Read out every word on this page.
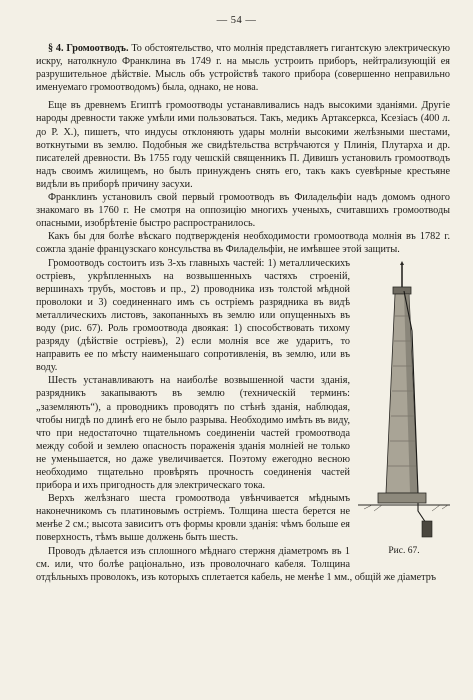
— 54 —

§ 4. Громоотводъ. То обстоятельство, что молнія представляетъ гигантскую электрическую искру, натолкнуло Франклина въ 1749 г. на мысль устроить приборъ, нейтрализующій ея разрушительное дѣйствіе. Мысль объ устройствѣ такого прибора (совершенно неправильно именуемаго громоотводомъ) была, однако, не нова.

Еще въ древнемъ Египтѣ громоотводы устанавливались надъ высокими зданіями. Другіе народы древности также умѣли ими пользоваться. Такъ, медикъ Артаксеркса, Ксезіасъ (400 л. до Р. Х.), пишетъ, что индусы отклоняють удары молніи высокими желѣзными шестами, воткнутыми въ землю. Подобныя же свидѣтельства встрѣчаются у Плинія, Плутарха и др. писателей древности. Въ 1755 году чешскій священникъ П. Дивишъ установилъ громоотводъ надъ своимъ жилищемъ, но былъ принужденъ снять его, такъ какъ суевѣрные крестьяне видѣли въ приборѣ причину засухи.

Франклинъ установилъ свой первый громоотводъ въ Филадельфіи надъ домомъ одного знакомаго въ 1760 г. Не смотря на оппозицію многихъ ученыхъ, считавшихъ громоотводы опасными, изобрѣтеніе быстро распространилось.

Какъ бы для болѣе вѣскаго подтвержденія необходимости громоотвода молнія въ 1782 г. сожгла зданіе французскаго консульства въ Филадельфіи, не имѣвшее этой защиты.

Рис. 67.

Громоотводъ состоитъ изъ 3-хъ главныхъ частей: 1) металлическихъ остріевъ, укрѣпленныхъ на возвышенныхъ частяхъ строеній, вершинахъ трубъ, мостовъ и пр., 2) проводника изъ толстой мѣдной проволоки и 3) соединеннаго имъ съ остріемъ разрядника въ видѣ металлическихъ листовъ, закопанныхъ въ землю или опущенныхъ въ воду (рис. 67). Роль громоотвода двоякая: 1) способствовать тихому разряду (дѣйствіе остріевъ), 2) если молнія все же ударитъ, то направить ее по мѣсту наименьшаго сопротивленія, въ землю, или въ воду.

Шесть устанавливаютъ на наиболѣе возвышенной части зданія, разрядникъ закапываютъ въ землю (техническій терминъ: „заземляють“), а проводникъ проводятъ по стѣнѣ зданія, наблюдая, чтобы нигдѣ по длинѣ его не было разрыва. Необходимо имѣть въ виду, что при недостаточно тщательномъ соединеніи частей громоотвода между собой и землею опасность пораженія зданія молніей не только не уменьшается, но даже увеличивается. Поэтому ежегодно весною необходимо тщательно провѣрять прочность соединенія частей прибора и ихъ пригодность для электрическаго тока.

Верхъ желѣзнаго шеста громоотвода увѣнчивается мѣднымъ наконечникомъ съ платиновымъ остріемъ. Толщина шеста берется не менѣе 2 см.; высота зависитъ отъ формы кровли зданія: чѣмъ больше ея поверхность, тѣмъ выше должень быть шесть.

Проводъ дѣлается изъ сплошного мѣднаго стержня діаметромъ въ 1 см. или, что болѣе раціонально, изъ проволочнаго кабеля. Толщина отдѣльныхъ проволокъ, изъ которыхъ сплетается кабель, не менѣе 1 мм., общій же діаметръ
